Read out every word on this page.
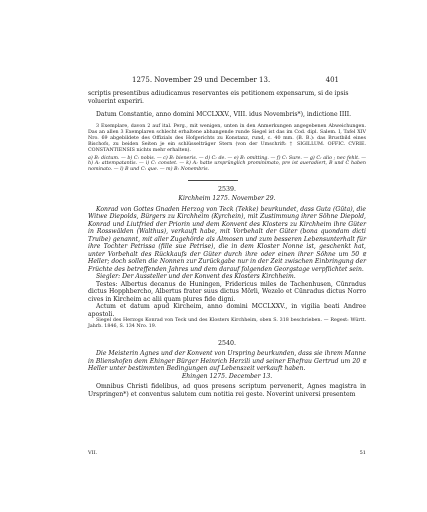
1275. November 29 und December 13.	401

scriptis presentibus adiudicamus reservantes eis petitionem expensarum, si de ipsis

voluerint experiri.

Datum Constantie, anno domini MCCLXXV., VIII. idus Novembris*), indictione IIII.

3 Exemplare, davon 2 auf ital. Perg., mit wenigen, unten in den Anmerkungen angegebenen Abweichungen. Das an allen 3 Exemplaren schlecht erhaltene abhangende runde Siegel ist das im Cod. dipl. Salem. I, Tafel XIV Nro. 69 abgebildete des Offizials des Hofgerichts zu Konstanz, rund, c. 40 mm. (B. B.): das Brustbild eines Bischofs, zu beiden Seiten je ein schlüsselträger Stern (von der Umschrift: † SIGILLUM. OFFIC. CVRIE. CONSTANTIENSIS nichts mehr erhalten).

a) B: dictum. — b) C: nobis. — c) B: bieneris. — d) C: de. — e) B: omitting. — f) C: Sure. — g) C: alio ; nec fehlt. — h) A: attempatantis. — i) C: constet. — k) A: hatte ursprünglich prominimato, pre ist aueradiert, B und C haben nominato. — l) B und C: que. — m) B: Nonembris.

2539.

Kirchheim 1275. November 29.

Konrad von Gottes Gnaden Herzog von Teck (Tekke) beurkundet, dass Guta (Gūta), die Witwe Diepolds, Bürgers zu Kirchheim (Kyrchein), mit Zustimmung ihrer Söhne Diepold, Konrad und Liutfried der Priorin und dem Konvent des Klosters zu Kirchheim ihre Güter in Rosswälden (Walthus), verkauft habe, mit Vorbehalt der Güter (bona quondam dicti Truibe) genannt, mit aller Zugehörde als Almosen und zum besseren Lebensunterhalt für ihre Tochter Petrissa (fille sue Petrise), die in dem Kloster Nonne ist, geschenkt hat, unter Vorbehalt des Rückkaufs der Güter durch ihre oder einen ihrer Söhne um 50 ₶ Heller; doch sollen die Nonnen zur Zurückgabe nur in der Zeit zwischen Einbringung der Früchte des betreffenden Jahres und dem darauf folgenden Georgstage verpflichtet sein.

Siegler: Der Aussteller und der Konvent des Klosters Kirchheim.

Testes: Albertus decanus de Huningen, Fridericus miles de Tachenhusen, Cūnradus dictus Hopphbercho, Albertus frater suus dictus Mōrli, Wezelo et Cūnradus dictus Norro cives in Kircheim ac alii quam plures fide digni.

Actum et datum apud Kircheim, anno domini MCCLXXV., in vigilia beati Andree apostoli.

Siegel des Herzogs Konrad von Teck und des Klosters Kirchheim, oben S. 318 beschrieben. — Regest: Württ. Jahrb. 1846, S. 134 Nro. 19.

2540.

Die Meisterin Agnes und der Konvent von Urspring beurkunden, dass sie ihrem Manne in Blienshofen dem Ehinger Bürger Heinrich Herzili und seiner Ehefrau Gertrud um 20 ₶ Heller unter bestimmten Bedingungen auf Lebenszeit verkauft haben.

Ehingen 1275. December 13.

Omnibus Christi fidelibus, ad quos presens scriptum pervenerit, Agnes magistra in Urspringen*) et conventus salutem cum notitia rei geste. Noverint universi presentem

VII.	51
